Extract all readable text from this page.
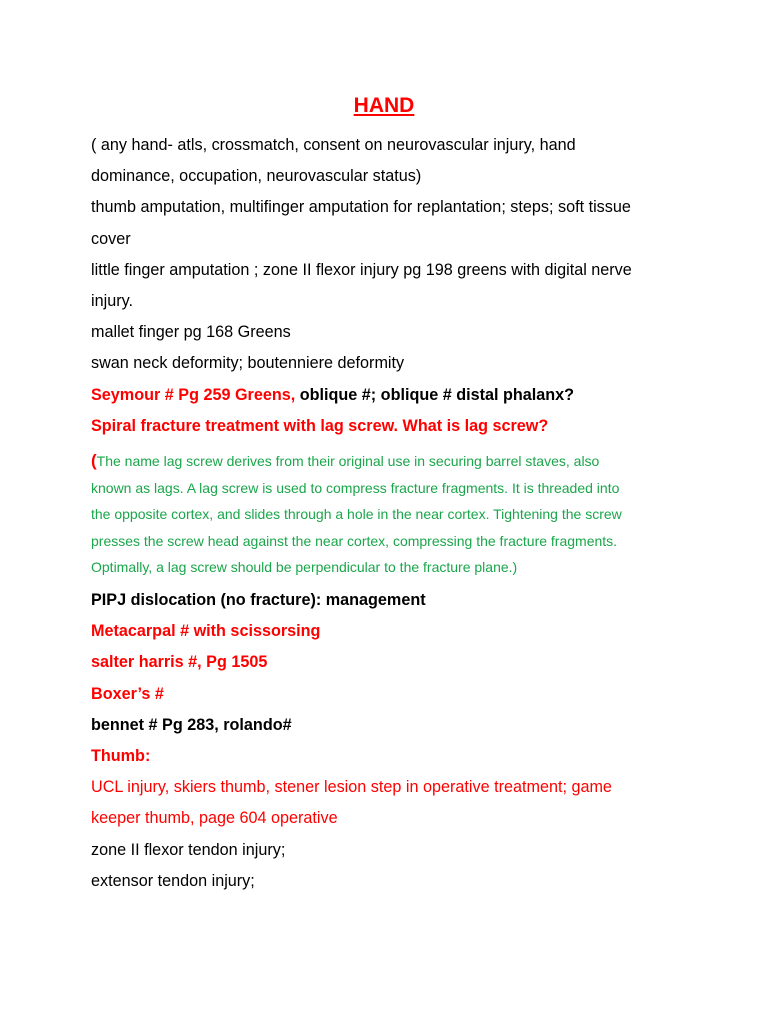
HAND
( any hand- atls, crossmatch, consent on neurovascular injury, hand
dominance, occupation, neurovascular status)
thumb amputation, multifinger amputation for replantation; steps; soft tissue
cover
little finger amputation ; zone II flexor injury pg 198 greens with digital nerve
injury.
mallet finger pg 168 Greens
swan neck deformity; boutenniere deformity
Seymour # Pg 259 Greens, oblique #; oblique # distal phalanx?
Spiral fracture treatment with lag screw. What is lag screw?
(The name lag screw derives from their original use in securing barrel staves, also
known as lags. A lag screw is used to compress fracture fragments. It is threaded into
the opposite cortex, and slides through a hole in the near cortex. Tightening the screw
presses the screw head against the near cortex, compressing the fracture fragments.
Optimally, a lag screw should be perpendicular to the fracture plane.)
PIPJ dislocation (no fracture): management
Metacarpal # with scissorsing
salter harris #, Pg 1505
Boxer’s #
bennet # Pg 283, rolando#
Thumb:
UCL injury, skiers thumb, stener lesion step in operative treatment; game
keeper thumb, page 604 operative
zone II flexor tendon injury;
extensor tendon injury;
